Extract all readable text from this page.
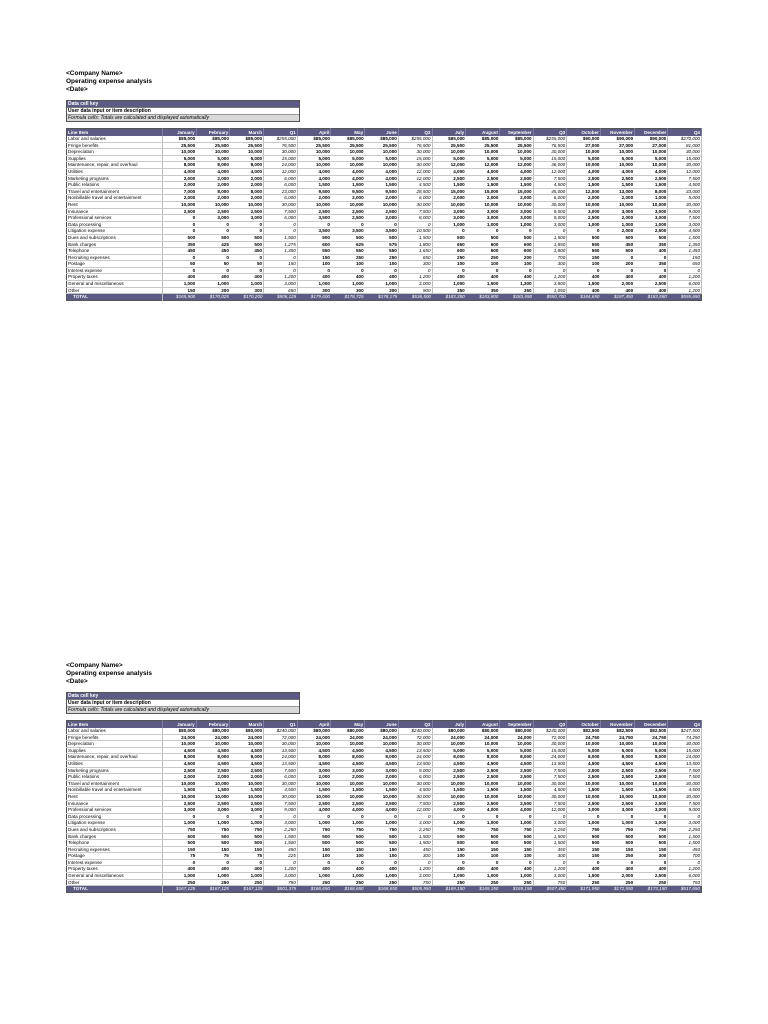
<Company Name>
Operating expense analysis
<Date>
Data cell key
User data input or item description
Formula cells: Totals are calculated and displayed automatically
Line Item	January	February	March	Q1	April	May	June	Q2	July	August	September	Q3	October	November	December	Q4
Labor and salaries	$85,000	$85,000	$85,000	$255,000	$85,000	$85,000	$85,000	$255,000	$85,000	$85,000	$85,000	$255,000	$90,000	$90,000	$90,000	$270,000
Fringe benefits	25,500	25,500	25,500	76,500	25,500	25,500	25,500	76,500	25,500	25,500	25,500	76,500	27,000	27,000	27,000	81,000
Depreciation	10,000	10,000	10,000	30,000	10,000	10,000	10,000	30,000	10,000	10,000	10,000	30,000	10,000	10,000	10,000	30,000
Supplies	5,000	5,000	5,000	15,000	5,000	5,000	5,000	15,000	5,000	5,000	5,000	15,000	5,000	5,000	5,000	15,000
Maintenance, repair, and overhaul	8,000	8,000	8,000	24,000	10,000	10,000	10,000	30,000	12,000	12,000	12,000	36,000	10,000	10,000	10,000	30,000
Utilities	4,000	4,000	4,000	12,000	4,000	4,000	4,000	12,000	4,000	4,000	4,000	12,000	4,000	4,000	4,000	12,000
Marketing programs	2,000	2,000	2,000	6,000	4,000	4,000	4,000	12,000	2,500	2,500	2,500	7,500	2,500	2,500	2,500	7,500
Public relations	2,000	2,000	2,000	6,000	1,500	1,500	1,500	4,500	1,500	1,500	1,500	4,500	1,500	1,500	1,500	4,500
Travel and entertainment	7,000	8,000	8,000	23,000	9,500	9,500	9,500	28,500	15,000	15,000	15,000	45,000	12,000	13,000	8,000	33,000
Nonbillable travel and entertainment	2,000	2,000	2,000	6,000	2,000	2,000	2,000	6,000	2,000	2,000	2,000	6,000	2,000	2,000	1,000	5,000
Rent	10,000	10,000	10,000	30,000	10,000	10,000	10,000	30,000	10,000	10,000	10,000	30,000	10,000	10,000	10,000	30,000
Insurance	2,500	2,500	2,500	7,500	2,500	2,500	2,500	7,500	3,000	3,000	3,000	9,000	3,000	3,000	3,000	9,000
Professional services	0	3,000	3,000	6,000	3,500	2,500	2,000	8,000	3,000	3,000	3,000	9,000	2,500	2,000	3,000	7,500
Data processing	0	0	0	0	0	0	0	0	1,000	1,000	1,000	3,000	1,000	1,000	1,000	3,000
Litigation expense	0	0	0	0	3,500	3,500	3,500	10,500	0	0	0	0	0	2,000	2,500	4,500
Dues and subscriptions	500	500	500	1,500	500	500	500	1,500	500	500	500	1,500	500	500	500	1,500
Bank charges	350	425	500	1,275	600	625	575	1,800	650	600	600	1,850	550	450	350	1,350
Telephone	450	450	450	1,350	550	550	550	1,650	600	600	600	1,800	550	500	400	1,450
Recruiting expenses	0	0	0	0	150	250	250	650	250	250	200	700	150	0	0	150
Postage	50	50	50	150	100	100	100	300	100	100	100	300	100	200	350	650
Interest expense	0	0	0	0	0	0	0	0	0	0	0	0	0	0	0	0
Property taxes	400	400	400	1,200	400	400	400	1,200	400	400	400	1,200	400	400	400	1,200
General and miscellaneous	1,000	1,000	1,000	3,000	1,000	1,000	1,000	3,000	1,000	1,500	1,300	3,800	1,500	2,000	2,500	6,000
Other	150	200	300	650	300	300	300	900	350	350	350	1,050	400	400	400	1,200
TOTAL	$165,900	$170,025	$170,200	$506,125	$179,600	$178,725	$178,175	$536,500	$183,350	$183,800	$183,550	$550,700	$184,650	$187,450	$183,550	$555,650
<Company Name>
Operating expense analysis
<Date>
Data cell key
User data input or item description
Formula cells: Totals are calculated and displayed automatically
Line Item	January	February	March	Q1	April	May	June	Q2	July	August	September	Q3	October	November	December	Q4
Labor and salaries	$80,000	$80,000	$80,000	$240,000	$80,000	$80,000	$80,000	$240,000	$80,000	$80,000	$80,000	$240,000	$82,500	$82,500	$82,500	$247,500
Fringe benefits	24,000	24,000	24,000	72,000	24,000	24,000	24,000	72,000	24,000	24,000	24,000	72,000	24,750	24,750	24,750	74,250
Depreciation	10,000	10,000	10,000	30,000	10,000	10,000	10,000	30,000	10,000	10,000	10,000	30,000	10,000	10,000	10,000	30,000
Supplies	4,500	4,500	4,500	13,500	4,500	4,500	4,500	13,500	5,000	5,000	5,000	15,000	5,000	5,000	5,000	15,000
Maintenance, repair, and overhaul	8,000	8,000	8,000	24,000	8,000	8,000	8,000	24,000	8,000	8,000	8,000	24,000	8,000	8,000	8,000	24,000
Utilities	4,500	4,500	4,500	13,500	4,500	4,500	4,500	13,500	4,500	4,500	4,500	13,500	4,500	4,500	4,500	13,500
Marketing programs	2,500	2,500	2,500	7,500	3,000	3,000	3,000	9,000	2,500	2,500	2,500	7,500	2,500	2,500	2,500	7,500
Public relations	2,000	2,000	2,000	6,000	2,000	2,000	2,000	6,000	2,500	2,500	2,500	7,500	2,500	2,500	2,500	7,500
Travel and entertainment	10,000	10,000	10,000	30,000	10,000	10,000	10,000	30,000	10,000	10,000	10,000	30,000	10,000	10,000	10,000	30,000
Nonbillable travel and entertainment	1,500	1,500	1,500	4,500	1,500	1,500	1,500	4,500	1,500	1,500	1,500	4,500	1,500	1,500	1,500	4,500
Rent	10,000	10,000	10,000	30,000	10,000	10,000	10,000	30,000	10,000	10,000	10,000	30,000	10,000	10,000	10,000	30,000
Insurance	2,500	2,500	2,500	7,500	2,500	2,500	2,500	7,500	2,500	2,500	2,500	7,500	2,500	2,500	2,500	7,500
Professional services	3,000	3,000	3,000	9,000	4,000	4,000	4,000	12,000	4,000	4,000	4,000	12,000	3,000	3,000	3,000	9,000
Data processing	0	0	0	0	0	0	0	0	0	0	0	0	0	0	0	0
Litigation expense	1,000	1,000	1,000	3,000	1,000	1,000	1,000	3,000	1,000	1,000	1,000	3,000	1,000	1,000	1,000	3,000
Dues and subscriptions	750	750	750	2,250	750	750	750	2,250	750	750	750	2,250	750	750	750	2,250
Bank charges	500	500	500	1,500	500	500	500	1,500	500	500	500	1,500	500	500	500	1,500
Telephone	500	500	500	1,500	500	500	500	1,500	500	500	500	1,500	500	500	500	1,500
Recruiting expenses	150	150	150	450	150	150	150	450	150	150	150	450	150	150	150	450
Postage	75	75	75	225	100	100	100	300	100	100	100	300	150	250	300	700
Interest expense	0	0	0	0	0	0	0	0	0	0	0	0	0	0	0	0
Property taxes	400	400	400	1,200	400	400	400	1,200	400	400	400	1,200	400	400	400	1,200
General and miscellaneous	1,000	1,000	1,000	3,000	1,000	1,000	1,000	3,000	1,000	1,000	1,000	3,000	1,500	2,000	2,500	6,000
Other	250	250	250	750	250	250	250	750	250	250	250	750	250	250	250	750
TOTAL	$167,125	$167,125	$167,125	$501,375	$168,650	$168,650	$168,650	$505,950	$169,150	$169,150	$169,150	$507,450	$171,950	$172,550	$173,150	$517,650
